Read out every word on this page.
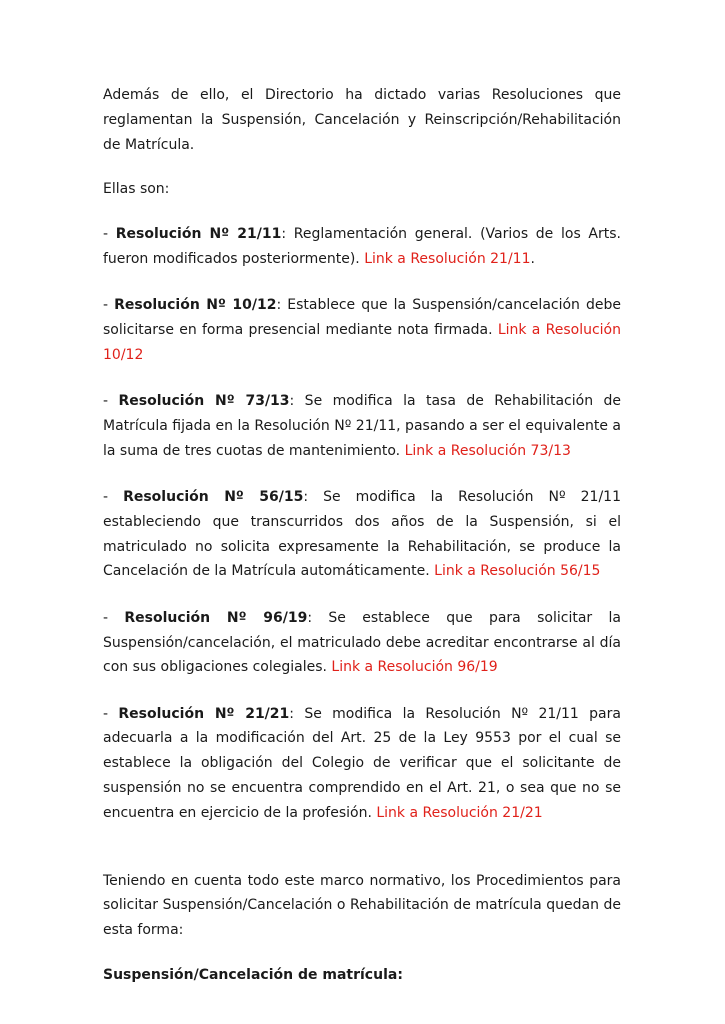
Además de ello, el Directorio ha dictado varias Resoluciones que reglamentan la Suspensión, Cancelación y Reinscripción/Rehabilitación de Matrícula.

Ellas son:

- Resolución Nº 21/11: Reglamentación general. (Varios de los Arts. fueron modificados posteriormente). Link a Resolución 21/11.
- Resolución Nº 10/12: Establece que la Suspensión/cancelación debe solicitarse en forma presencial mediante nota firmada. Link a Resolución 10/12
- Resolución Nº 73/13: Se modifica la tasa de Rehabilitación de Matrícula fijada en la Resolución Nº 21/11, pasando a ser el equivalente a la suma de tres cuotas de mantenimiento. Link a Resolución 73/13
- Resolución Nº 56/15: Se modifica la Resolución Nº 21/11 estableciendo que transcurridos dos años de la Suspensión, si el matriculado no solicita expresamente la Rehabilitación, se produce la Cancelación de la Matrícula automáticamente. Link a Resolución 56/15
- Resolución Nº 96/19: Se establece que para solicitar la Suspensión/cancelación, el matriculado debe acreditar encontrarse al día con sus obligaciones colegiales. Link a Resolución 96/19
- Resolución Nº 21/21: Se modifica la Resolución Nº 21/11 para adecuarla a la modificación del Art. 25 de la Ley 9553 por el cual se establece la obligación del Colegio de verificar que el solicitante de suspensión no se encuentra comprendido en el Art. 21, o sea que no se encuentra en ejercicio de la profesión. Link a Resolución 21/21

Teniendo en cuenta todo este marco normativo, los Procedimientos para solicitar Suspensión/Cancelación o Rehabilitación de matrícula quedan de esta forma:

Suspensión/Cancelación de matrícula:
